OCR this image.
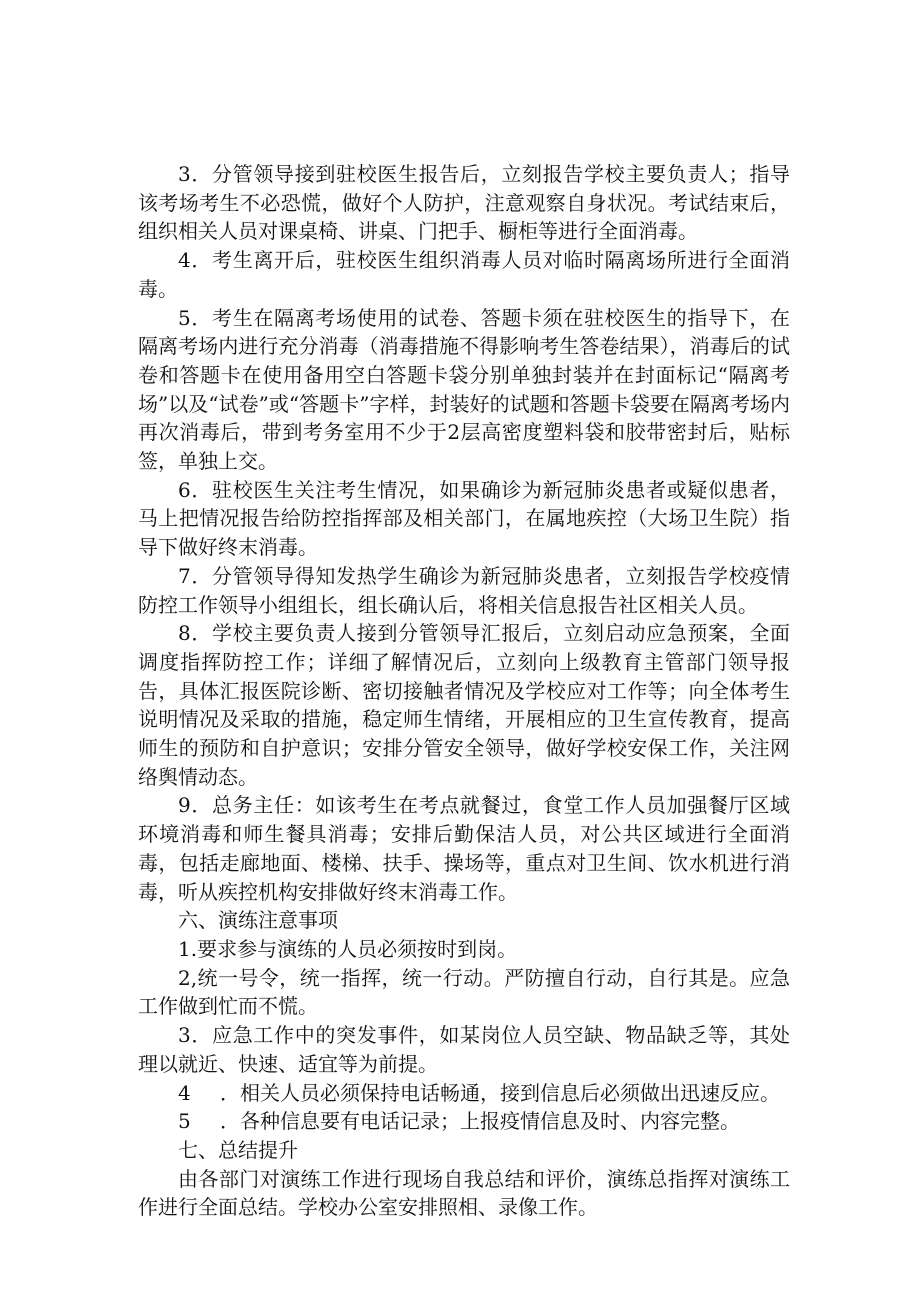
3．分管领导接到驻校医生报告后，立刻报告学校主要负责人；指导该考场考生不必恐慌，做好个人防护，注意观察自身状况。考试结束后，组织相关人员对课桌椅、讲桌、门把手、橱柜等进行全面消毒。

4．考生离开后，驻校医生组织消毒人员对临时隔离场所进行全面消毒。

5．考生在隔离考场使用的试卷、答题卡须在驻校医生的指导下，在隔离考场内进行充分消毒（消毒措施不得影响考生答卷结果），消毒后的试卷和答题卡在使用备用空白答题卡袋分别单独封装并在封面标记“隔离考场”以及“试卷”或“答题卡”字样，封装好的试题和答题卡袋要在隔离考场内再次消毒后，带到考务室用不少于2层高密度塑料袋和胶带密封后，贴标签，单独上交。

6．驻校医生关注考生情况，如果确诊为新冠肺炎患者或疑似患者，马上把情况报告给防控指挥部及相关部门，在属地疾控（大场卫生院）指导下做好终末消毒。

7．分管领导得知发热学生确诊为新冠肺炎患者，立刻报告学校疫情防控工作领导小组组长，组长确认后，将相关信息报告社区相关人员。

8．学校主要负责人接到分管领导汇报后，立刻启动应急预案，全面调度指挥防控工作；详细了解情况后，立刻向上级教育主管部门领导报告，具体汇报医院诊断、密切接触者情况及学校应对工作等；向全体考生说明情况及采取的措施，稳定师生情绪，开展相应的卫生宣传教育，提高师生的预防和自护意识；安排分管安全领导，做好学校安保工作，关注网络舆情动态。

9．总务主任：如该考生在考点就餐过，食堂工作人员加强餐厅区域环境消毒和师生餐具消毒；安排后勤保洁人员，对公共区域进行全面消毒，包括走廊地面、楼梯、扶手、操场等，重点对卫生间、饮水机进行消毒，听从疾控机构安排做好终末消毒工作。

六、演练注意事项

1.要求参与演练的人员必须按时到岗。

2,统一号令，统一指挥，统一行动。严防擅自行动，自行其是。应急工作做到忙而不慌。

3．应急工作中的突发事件，如某岗位人员空缺、物品缺乏等，其处理以就近、快速、适宜等为前提。

4 ．相关人员必须保持电话畅通，接到信息后必须做出迅速反应。

5 ．各种信息要有电话记录；上报疫情信息及时、内容完整。

七、总结提升

由各部门对演练工作进行现场自我总结和评价，演练总指挥对演练工作进行全面总结。学校办公室安排照相、录像工作。
